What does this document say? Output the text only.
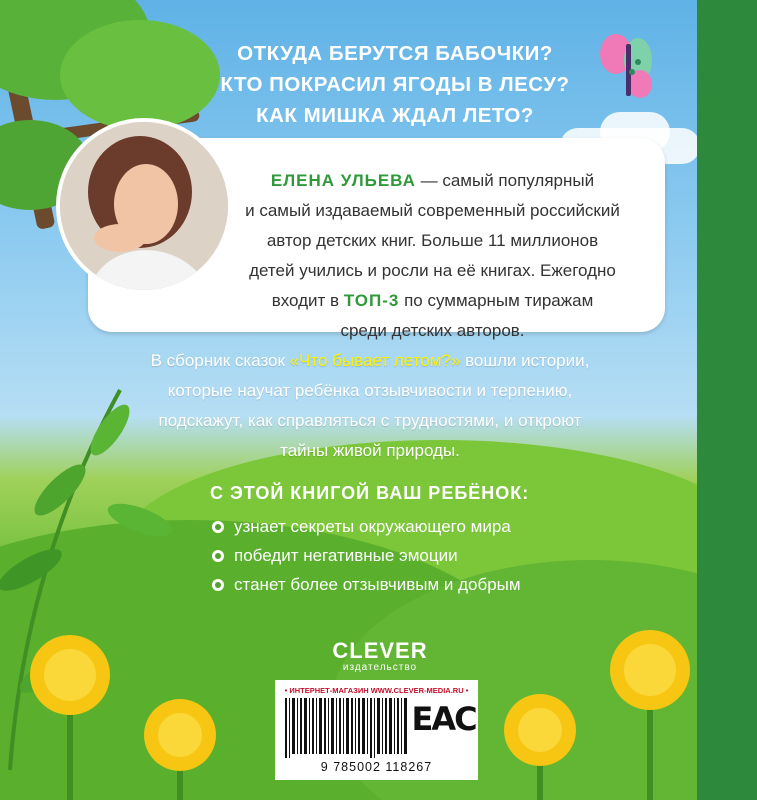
ОТКУДА БЕРУТСЯ БАБОЧКИ?
КТО ПОКРАСИЛ ЯГОДЫ В ЛЕСУ?
КАК МИШКА ЖДАЛ ЛЕТО?
ЕЛЕНА УЛЬЕВА — самый популярный
и самый издаваемый современный российский
автор детских книг. Больше 11 миллионов
детей учились и росли на её книгах. Ежегодно
входит в ТОП-3 по суммарным тиражам
среди детских авторов.
В сборник сказок «Что бывает летом?» вошли истории,
которые научат ребёнка отзывчивости и терпению,
подскажут, как справляться с трудностями, и откроют
тайны живой природы.
С ЭТОЙ КНИГОЙ ВАШ РЕБЁНОК:
узнает секреты окружающего мира
победит негативные эмоции
станет более отзывчивым и добрым
CLEVER
издательство
• ИНТЕРНЕТ-МАГАЗИН WWW.CLEVER-MEDIA.RU •
9 785002 118267
EAC
